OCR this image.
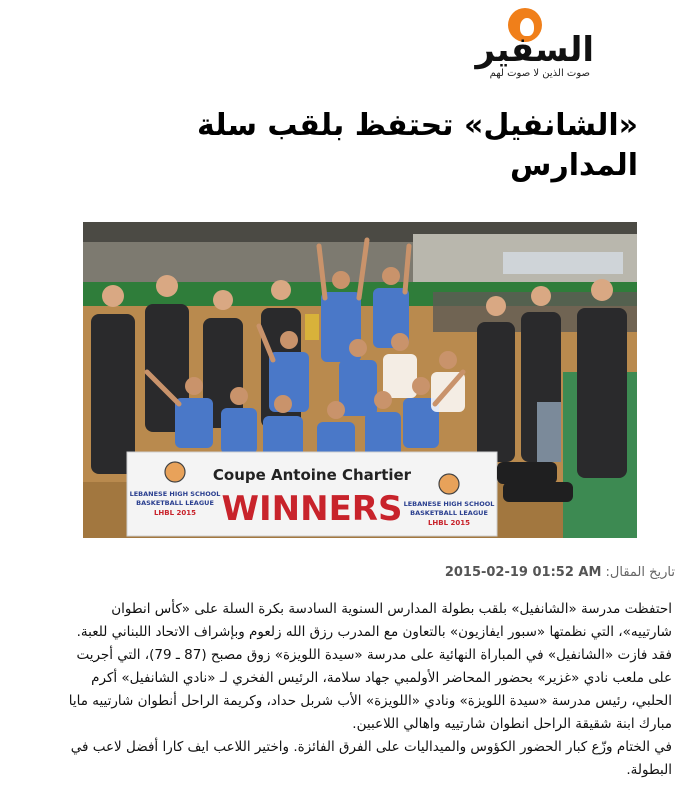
السفير
صوت الذين لا صوت لهم
«الشانفيل» تحتفظ بلقب سلة المدارس
Coupe Antoine Chartier
WINNERS
LEBANESE HIGH SCHOOL
BASKETBALL LEAGUE
LHBL 2015
LEBANESE HIGH SCHOOL
BASKETBALL LEAGUE
LHBL 2015
تاريخ المقال: 2015-02-19 01:52 AM

احتفظت مدرسة «الشانفيل» بلقب بطولة المدارس السنوية السادسة بكرة السلة على «كأس انطوان شارتييه»، التي نظمتها «سبور ايفازيون» بالتعاون مع المدرب رزق الله زلعوم وبإشراف الاتحاد اللبناني للعبة.

فقد فازت «الشانفيل» في المباراة النهائية على مدرسة «سيدة اللويزة» زوق مصبح (87 ـ 79)، التي أجريت على ملعب نادي «غزير» بحضور المحاضر الأولمبي جهاد سلامة، الرئيس الفخري لـ «نادي الشانفيل» أكرم الحلبي، رئيس مدرسة «سيدة اللويزة» ونادي «اللويزة» الأب شربل حداد، وكريمة الراحل أنطوان شارتييه مايا مبارك ابنة شقيقة الراحل انطوان شارتييه واهالي اللاعبين.

في الختام وزّع كبار الحضور الكؤوس والميداليات على الفرق الفائزة. واختير اللاعب ايف كارا أفضل لاعب في البطولة.
